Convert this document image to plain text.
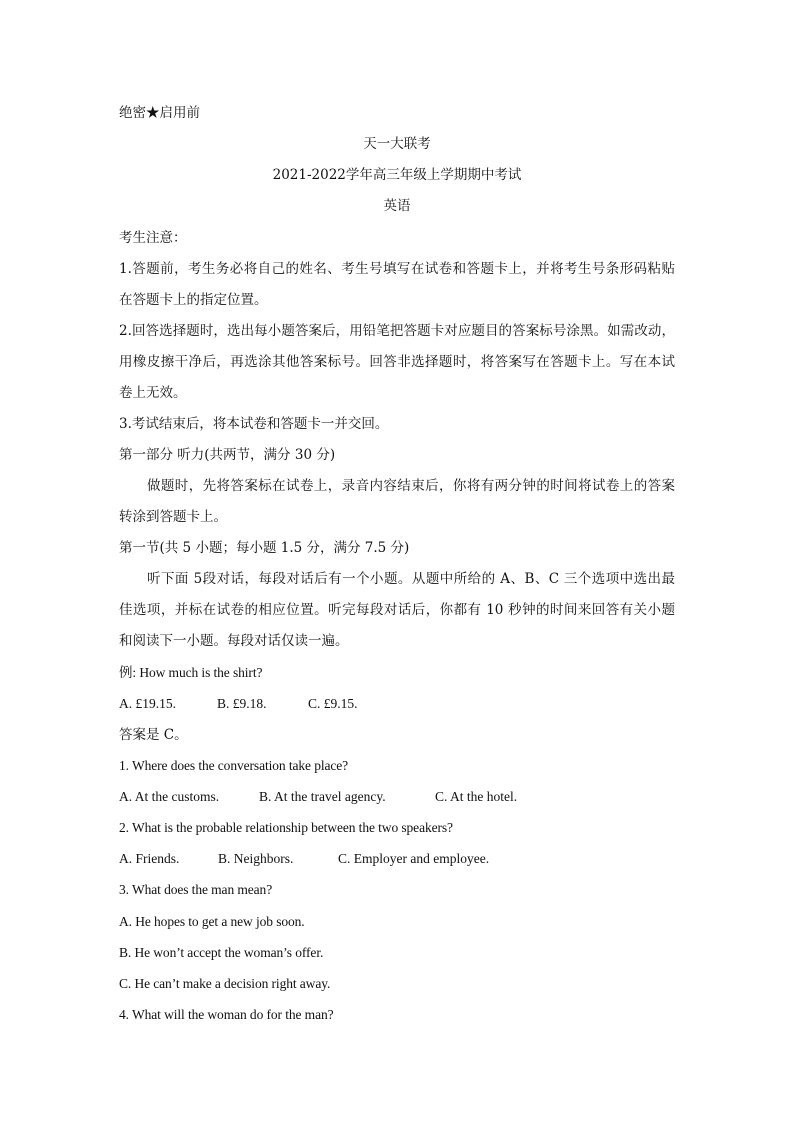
绝密★启用前
天一大联考
2021-2022学年高三年级上学期期中考试
英语
考生注意：
1.答题前，考生务必将自己的姓名、考生号填写在试卷和答题卡上，并将考生号条形码粘贴
在答题卡上的指定位置。
2.回答选择题时，选出每小题答案后，用铅笔把答题卡对应题目的答案标号涂黑。如需改动，
用橡皮擦干净后，再选涂其他答案标号。回答非选择题时，将答案写在答题卡上。写在本试
卷上无效。
3.考试结束后，将本试卷和答题卡一并交回。
第一部分 听力(共两节，满分 30 分)
做题时，先将答案标在试卷上，录音内容结束后，你将有两分钟的时间将试卷上的答案
转涂到答题卡上。
第一节(共 5 小题；每小题 1.5 分，满分 7.5 分)
听下面 5段对话，每段对话后有一个小题。从题中所给的 A、B、C 三个选项中选出最
佳选项，并标在试卷的相应位置。听完每段对话后，你都有 10 秒钟的时间来回答有关小题
和阅读下一小题。每段对话仅读一遍。
例: How much is the shirt?
A. £19.15.	B. £9.18.	C. £9.15.
答案是 C。
1. Where does the conversation take place?
A. At the customs.	B. At the travel agency.	C. At the hotel.
2. What is the probable relationship between the two speakers?
A. Friends.	B. Neighbors.	C. Employer and employee.
3. What does the man mean?
A. He hopes to get a new job soon.
B. He won’t accept the woman’s offer.
C. He can’t make a decision right away.
4. What will the woman do for the man?
